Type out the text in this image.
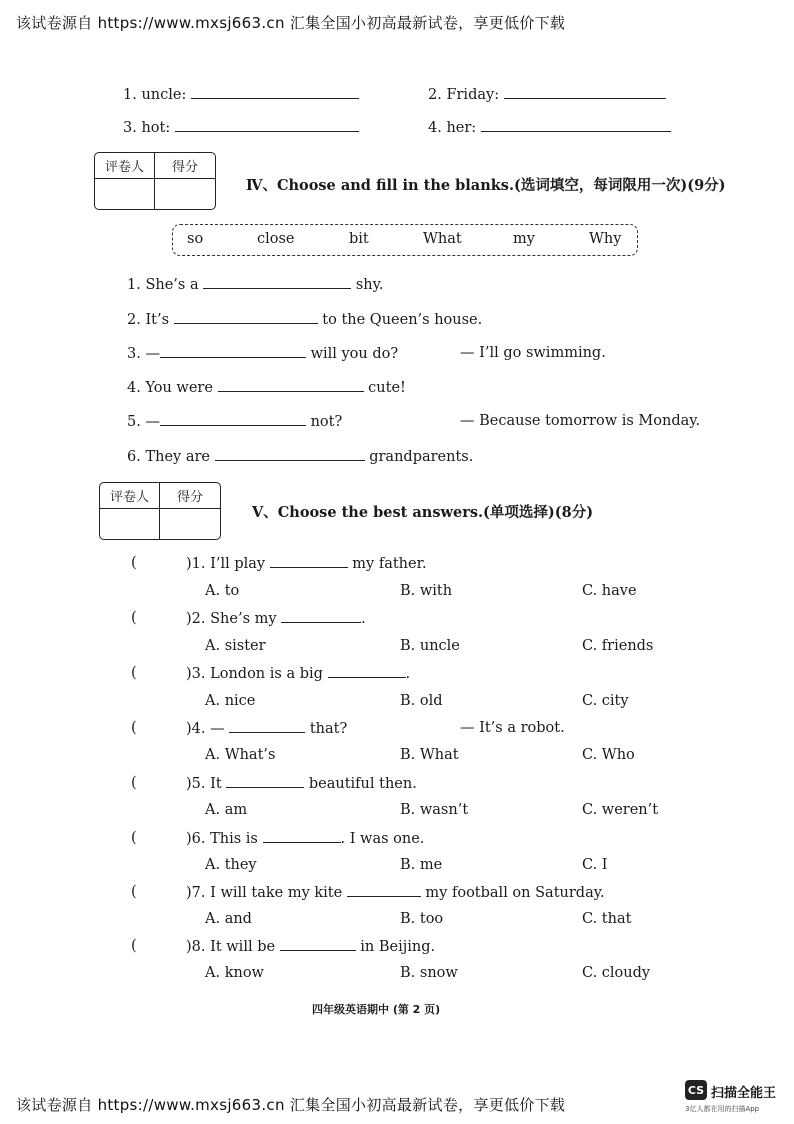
该试卷源自 https://www.mxsj663.cn 汇集全国小初高最新试卷，享更低价下载
1. uncle:	2. Friday:
3. hot:	4. her:
评卷人	得分
Ⅳ、Choose and fill in the blanks.(选词填空，每词限用一次)(9分)
so	close	bit	What	my	Why
1. She’s a	shy.
2. It’s	to the Queen’s house.
3. —	will you do?	— I’ll go swimming.
4. You were	cute!
5. —	not?	— Because tomorrow is Monday.
6. They are	grandparents.
评卷人	得分
Ⅴ、Choose the best answers.(单项选择)(8分)
(	)1. I’ll play	my father.
A. to	B. with	C. have
(	)2. She’s my	.
A. sister	B. uncle	C. friends
(	)3. London is a big	.
A. nice	B. old	C. city
(	)4. —	that?	— It’s a robot.
A. What’s	B. What	C. Who
(	)5. It	beautiful then.
A. am	B. wasn’t	C. weren’t
(	)6. This is	. I was one.
A. they	B. me	C. I
(	)7. I will take my kite	my football on Saturday.
A. and	B. too	C. that
(	)8. It will be	in Beijing.
A. know	B. snow	C. cloudy
四年级英语期中 (第 2 页)
该试卷源自 https://www.mxsj663.cn 汇集全国小初高最新试卷，享更低价下载
CS 扫描全能王
3亿人都在用的扫描App
